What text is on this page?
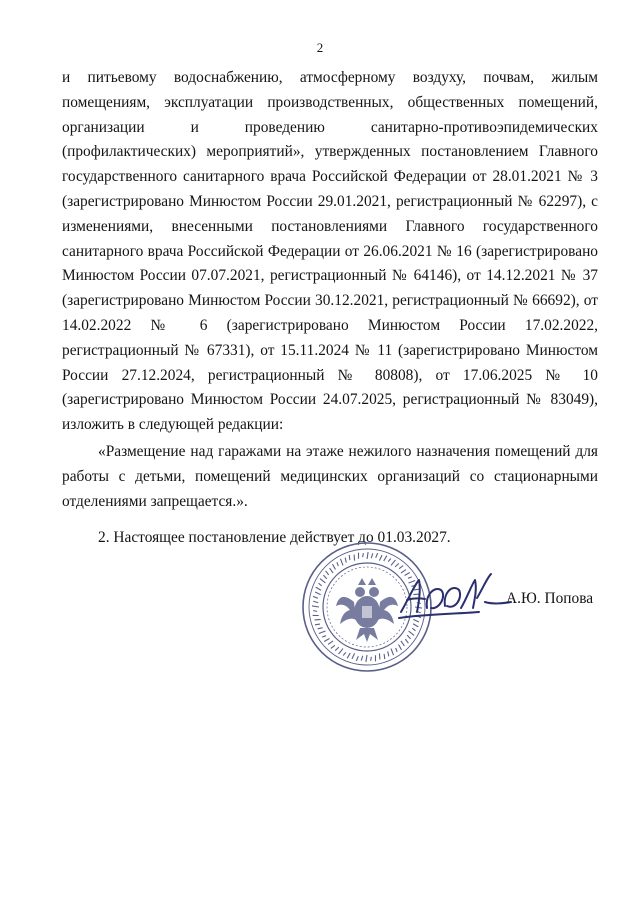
2

и питьевому водоснабжению, атмосферному воздуху, почвам, жилым помещениям, эксплуатации производственных, общественных помещений, организации и проведению санитарно-противоэпидемических (профилактических) мероприятий», утвержденных постановлением Главного государственного санитарного врача Российской Федерации от 28.01.2021 № 3 (зарегистрировано Минюстом России 29.01.2021, регистрационный № 62297), с изменениями, внесенными постановлениями Главного государственного санитарного врача Российской Федерации от 26.06.2021 № 16 (зарегистрировано Минюстом России 07.07.2021, регистрационный № 64146), от 14.12.2021 № 37 (зарегистрировано Минюстом России 30.12.2021, регистрационный № 66692), от 14.02.2022 № 6 (зарегистрировано Минюстом России 17.02.2022, регистрационный № 67331), от 15.11.2024 № 11 (зарегистрировано Минюстом России 27.12.2024, регистрационный № 80808), от 17.06.2025 № 10 (зарегистрировано Минюстом России 24.07.2025, регистрационный № 83049), изложить в следующей редакции:

«Размещение над гаражами на этаже нежилого назначения помещений для работы с детьми, помещений медицинских организаций со стационарными отделениями запрещается.».

2. Настоящее постановление действует до 01.03.2027.

А.Ю. Попова
